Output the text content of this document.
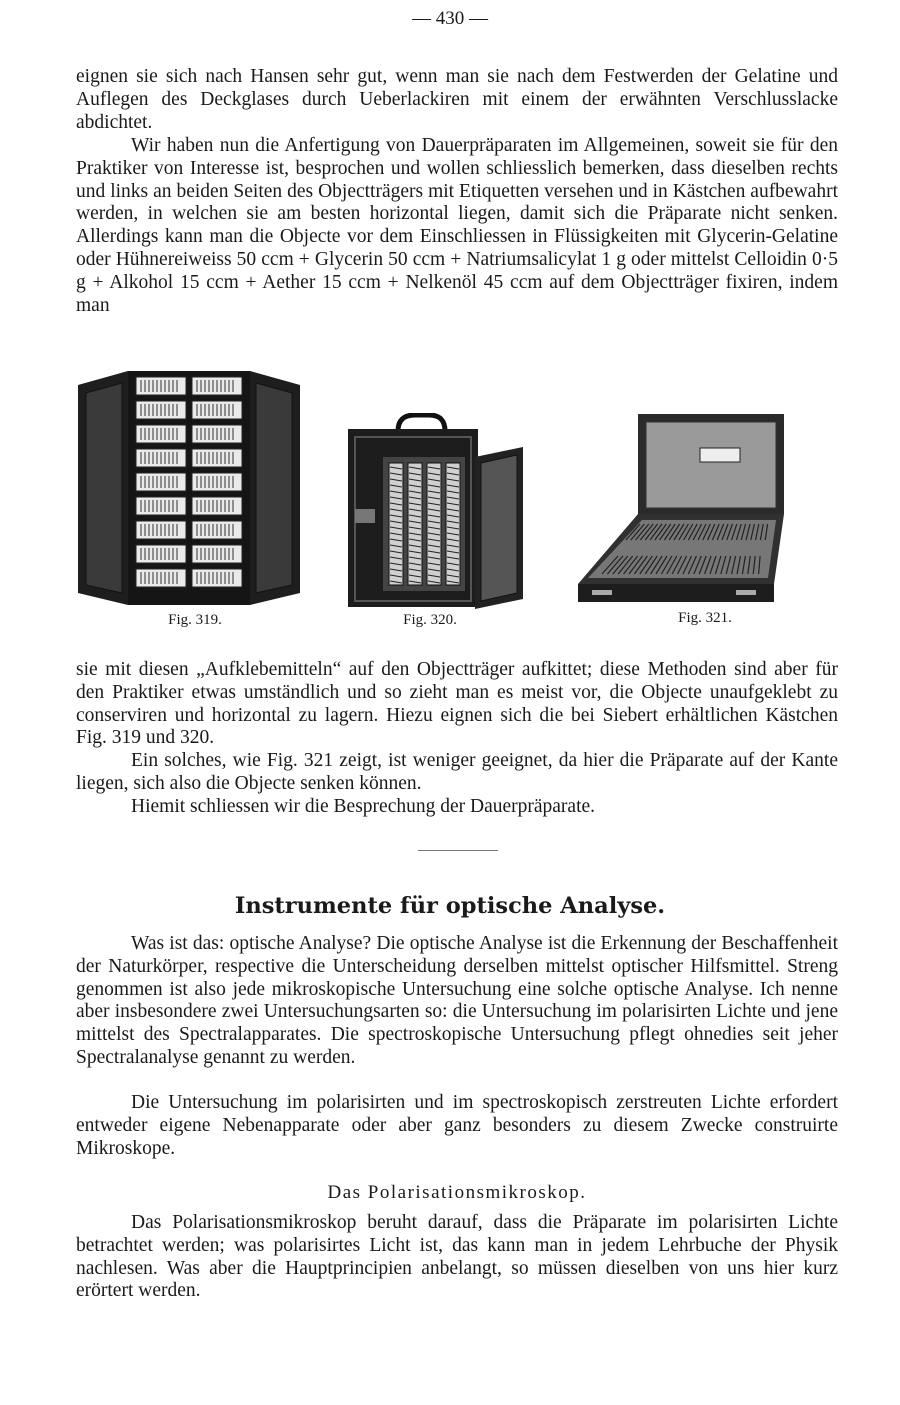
— 430 —

eignen sie sich nach Hansen sehr gut, wenn man sie nach dem Festwerden der Gelatine und Auflegen des Deckglases durch Ueberlackiren mit einem der erwähnten Verschlusslacke abdichtet.

Wir haben nun die Anfertigung von Dauerpräparaten im Allgemeinen, soweit sie für den Praktiker von Interesse ist, besprochen und wollen schliesslich bemerken, dass dieselben rechts und links an beiden Seiten des Objectträgers mit Etiquetten versehen und in Kästchen aufbewahrt werden, in welchen sie am besten horizontal liegen, damit sich die Präparate nicht senken. Allerdings kann man die Objecte vor dem Einschliessen in Flüssigkeiten mit Glycerin-Gelatine oder Hühnereiweiss 50 ccm + Glycerin 50 ccm + Natriumsalicylat 1 g oder mittelst Celloidin 0·5 g + Alkohol 15 ccm + Aether 15 ccm + Nelkenöl 45 ccm auf dem Objectträger fixiren, indem man

Fig. 319.	Fig. 320.	Fig. 321.

sie mit diesen „Aufklebemitteln“ auf den Objectträger aufkittet; diese Methoden sind aber für den Praktiker etwas umständlich und so zieht man es meist vor, die Objecte unaufgeklebt zu conserviren und horizontal zu lagern. Hiezu eignen sich die bei Siebert erhältlichen Kästchen Fig. 319 und 320.

Ein solches, wie Fig. 321 zeigt, ist weniger geeignet, da hier die Präparate auf der Kante liegen, sich also die Objecte senken können.

Hiemit schliessen wir die Besprechung der Dauerpräparate.

Instrumente für optische Analyse.

Was ist das: optische Analyse? Die optische Analyse ist die Erkennung der Beschaffenheit der Naturkörper, respective die Unterscheidung derselben mittelst optischer Hilfsmittel. Streng genommen ist also jede mikroskopische Untersuchung eine solche optische Analyse. Ich nenne aber insbesondere zwei Untersuchungsarten so: die Untersuchung im polarisirten Lichte und jene mittelst des Spectralapparates. Die spectroskopische Untersuchung pflegt ohnedies seit jeher Spectralanalyse genannt zu werden.

Die Untersuchung im polarisirten und im spectroskopisch zerstreuten Lichte erfordert entweder eigene Nebenapparate oder aber ganz besonders zu diesem Zwecke construirte Mikroskope.

Das Polarisationsmikroskop.

Das Polarisationsmikroskop beruht darauf, dass die Präparate im polarisirten Lichte betrachtet werden; was polarisirtes Licht ist, das kann man in jedem Lehrbuche der Physik nachlesen. Was aber die Hauptprincipien anbelangt, so müssen dieselben von uns hier kurz erörtert werden.
